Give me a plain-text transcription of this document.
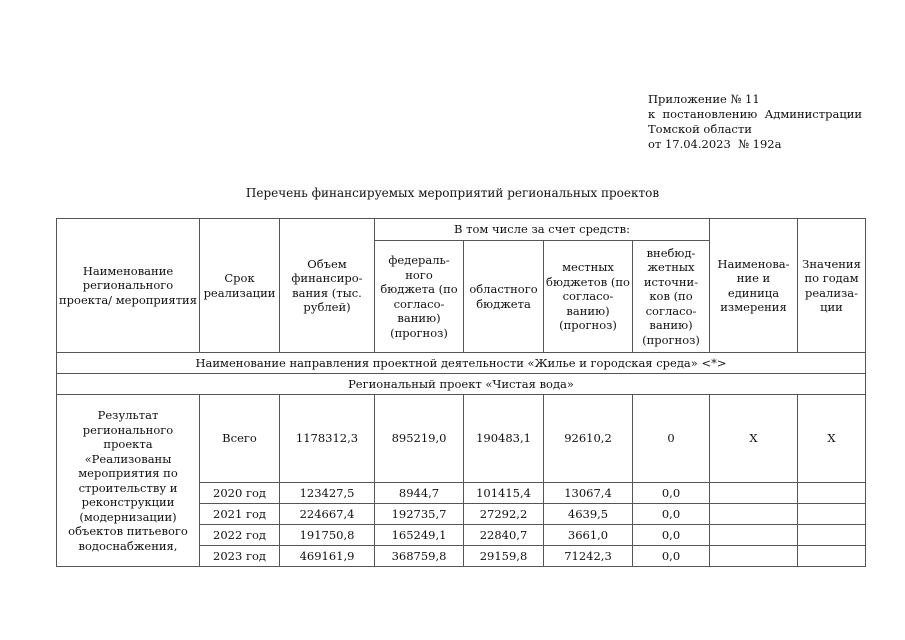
Приложение № 11
к  постановлению  Администрации
Томской области
от 17.04.2023  № 192а
Перечень финансируемых мероприятий региональных проектов
Наименование регионального проекта/ мероприятия	Срок реализации	Объем финансиро-вания (тыс. рублей)	В том числе за счет средств:				Наименова-ние и единица измерения	Значения по годам реализа-ции
			федераль-ного бюджета (по согласо-ванию) (прогноз)	областного бюджета	местных бюджетов (по согласо-ванию) (прогноз)	внебюд-жетных источни-ков (по согласо-ванию) (прогноз)		
Наименование направления проектной деятельности «Жилье и городская среда» <*>								
Региональный проект «Чистая вода»								
Результат регионального проекта «Реализованы мероприятия по строительству и реконструкции (модернизации) объектов питьевого водоснабжения,	Всего	1178312,3	895219,0	190483,1	92610,2	0	Х	Х
	2020 год	123427,5	8944,7	101415,4	13067,4	0,0		
	2021 год	224667,4	192735,7	27292,2	4639,5	0,0		
	2022 год	191750,8	165249,1	22840,7	3661,0	0,0		
	2023 год	469161,9	368759,8	29159,8	71242,3	0,0		
